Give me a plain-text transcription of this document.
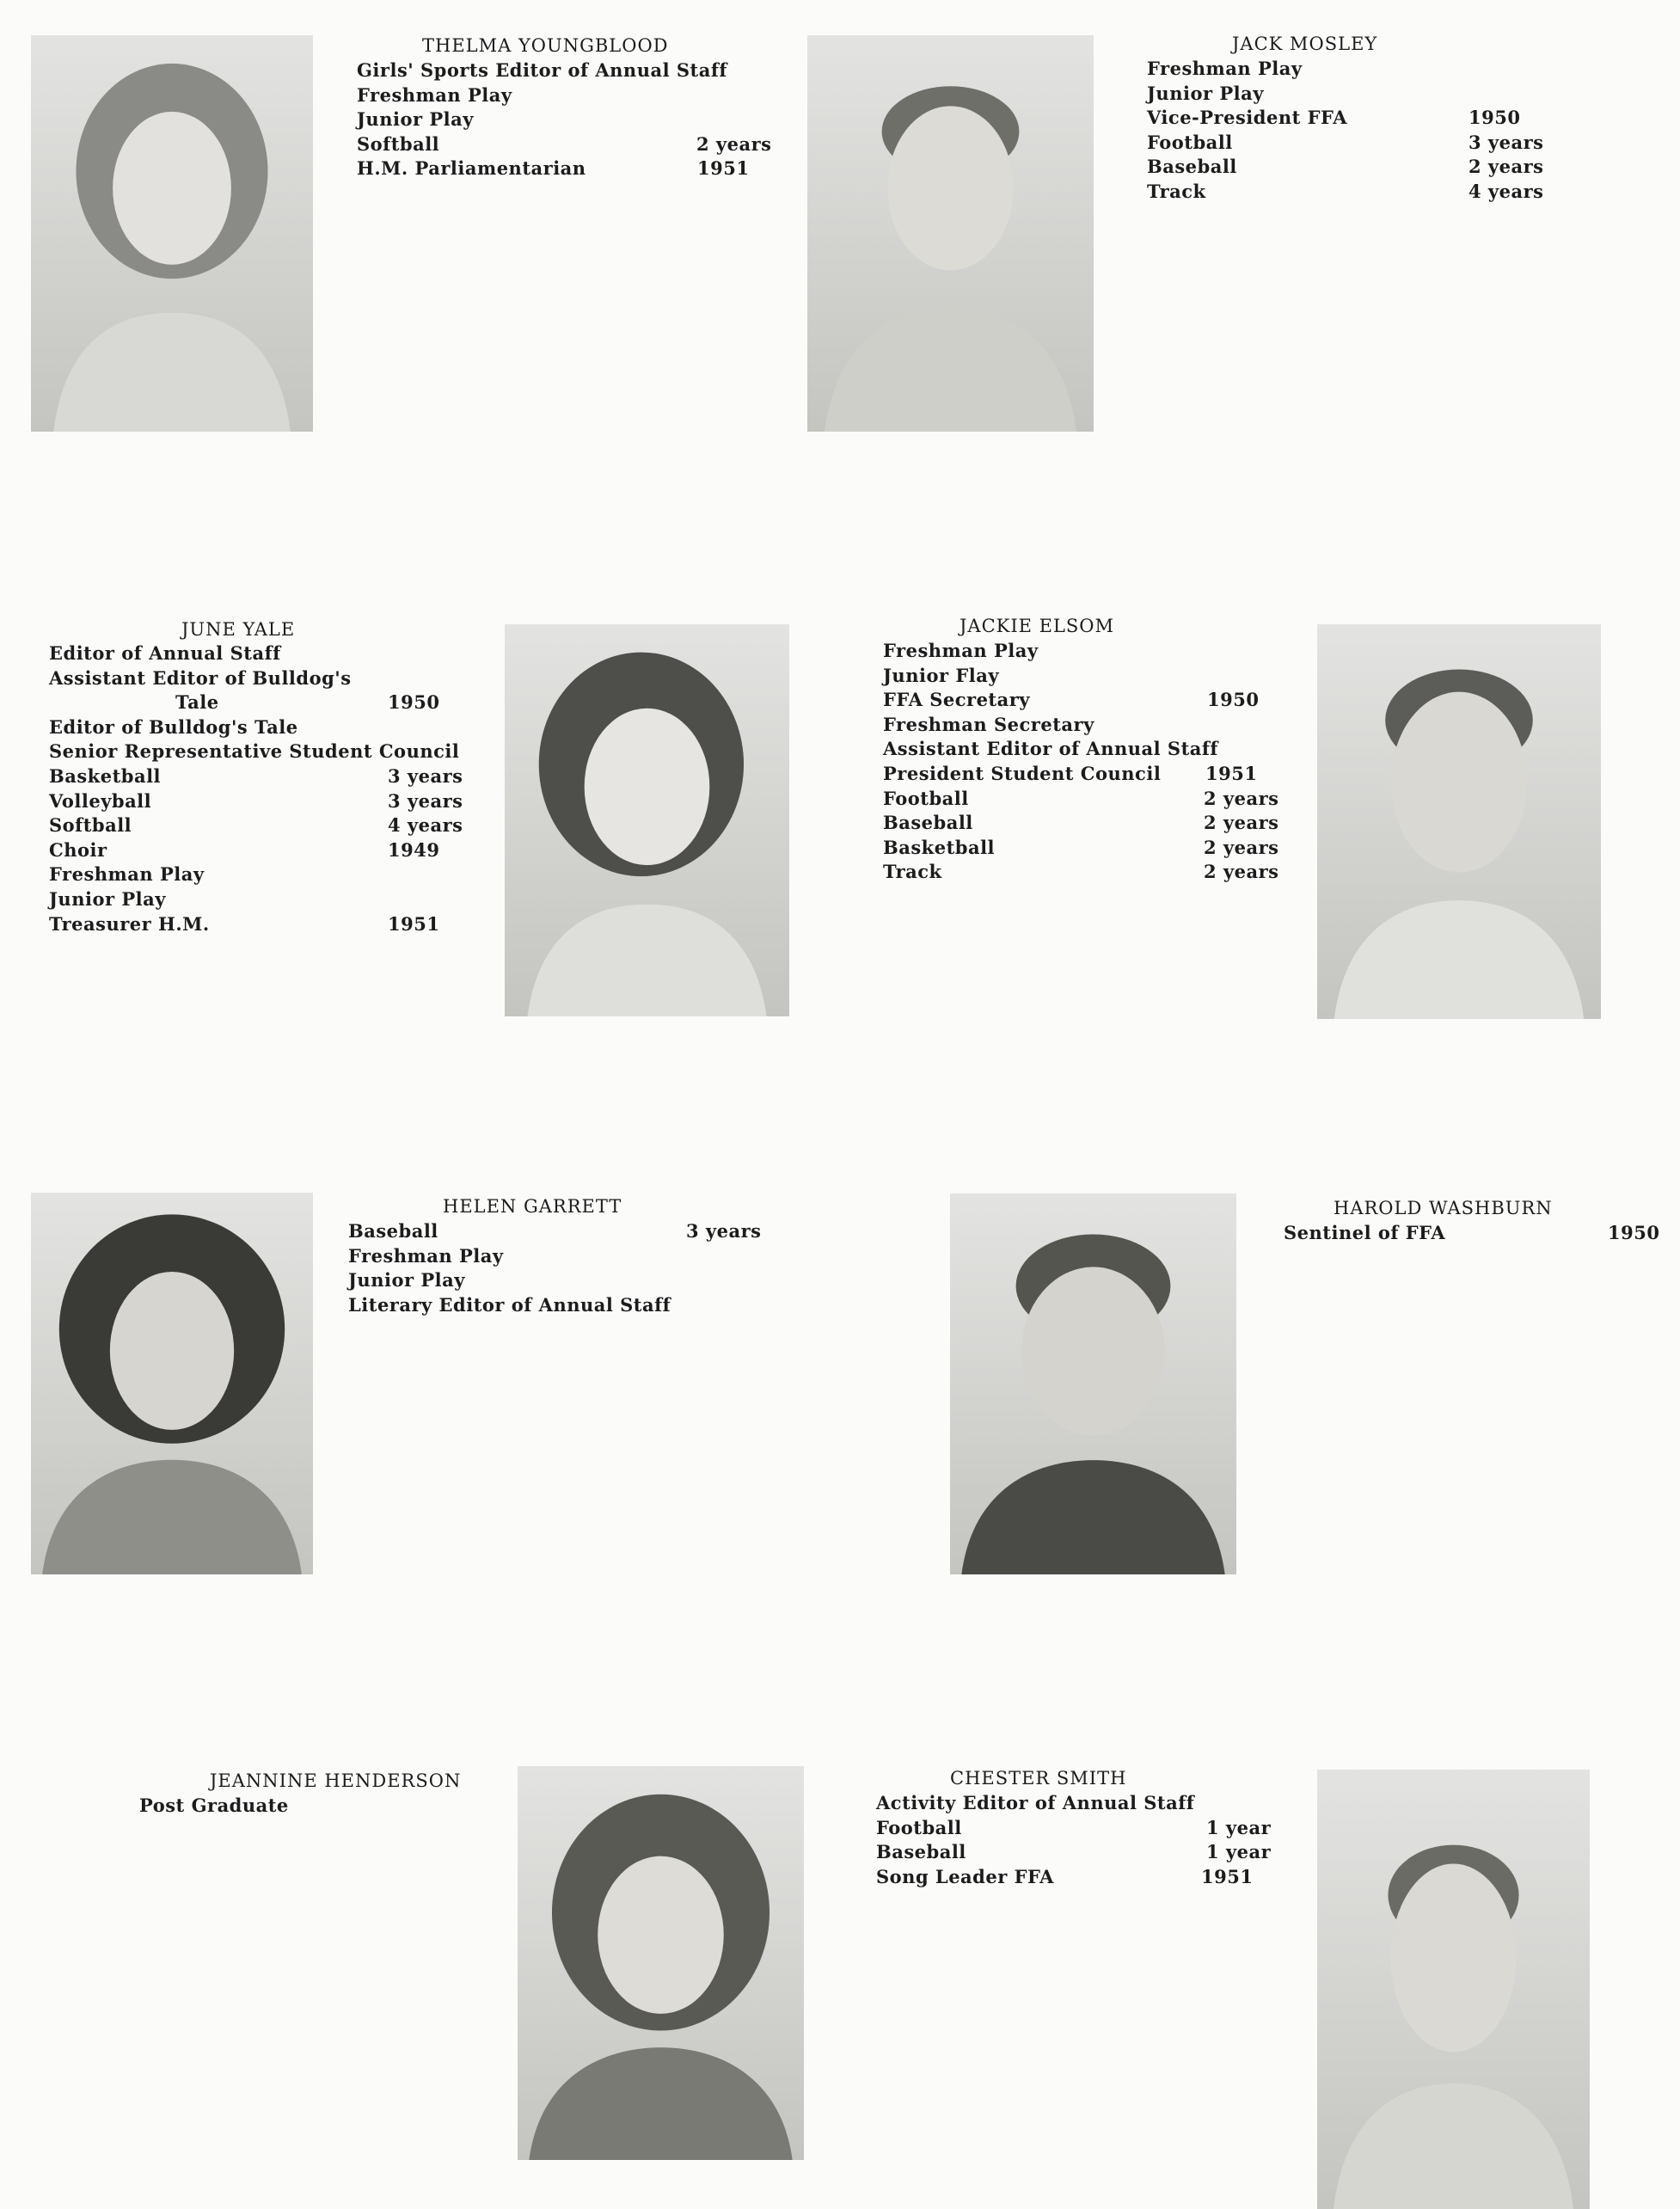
THELMA YOUNGBLOOD
Girls' Sports Editor of Annual Staff
Freshman Play
Junior Play
Softball	2 years
H.M. Parliamentarian	1951
JACK MOSLEY
Freshman Play
Junior Play
Vice-President FFA	1950
Football	3 years
Baseball	2 years
Track	4 years
JUNE YALE
Editor of Annual Staff
Assistant Editor of Bulldog's
Tale	1950
Editor of Bulldog's Tale
Senior Representative Student Council
Basketball	3 years
Volleyball	3 years
Softball	4 years
Choir	1949
Freshman Play
Junior Play
Treasurer H.M.	1951
JACKIE ELSOM
Freshman Play
Junior Flay
FFA Secretary	1950
Freshman Secretary
Assistant Editor of Annual Staff
President Student Council 1951
Football	2 years
Baseball	2 years
Basketball	2 years
Track	2 years
HELEN GARRETT
Baseball	3 years
Freshman Play
Junior Play
Literary Editor of Annual Staff
HAROLD WASHBURN
Sentinel of FFA	1950
JEANNINE HENDERSON
Post Graduate
CHESTER SMITH
Activity Editor of Annual Staff
Football	1 year
Baseball	1 year
Song Leader FFA	1951
